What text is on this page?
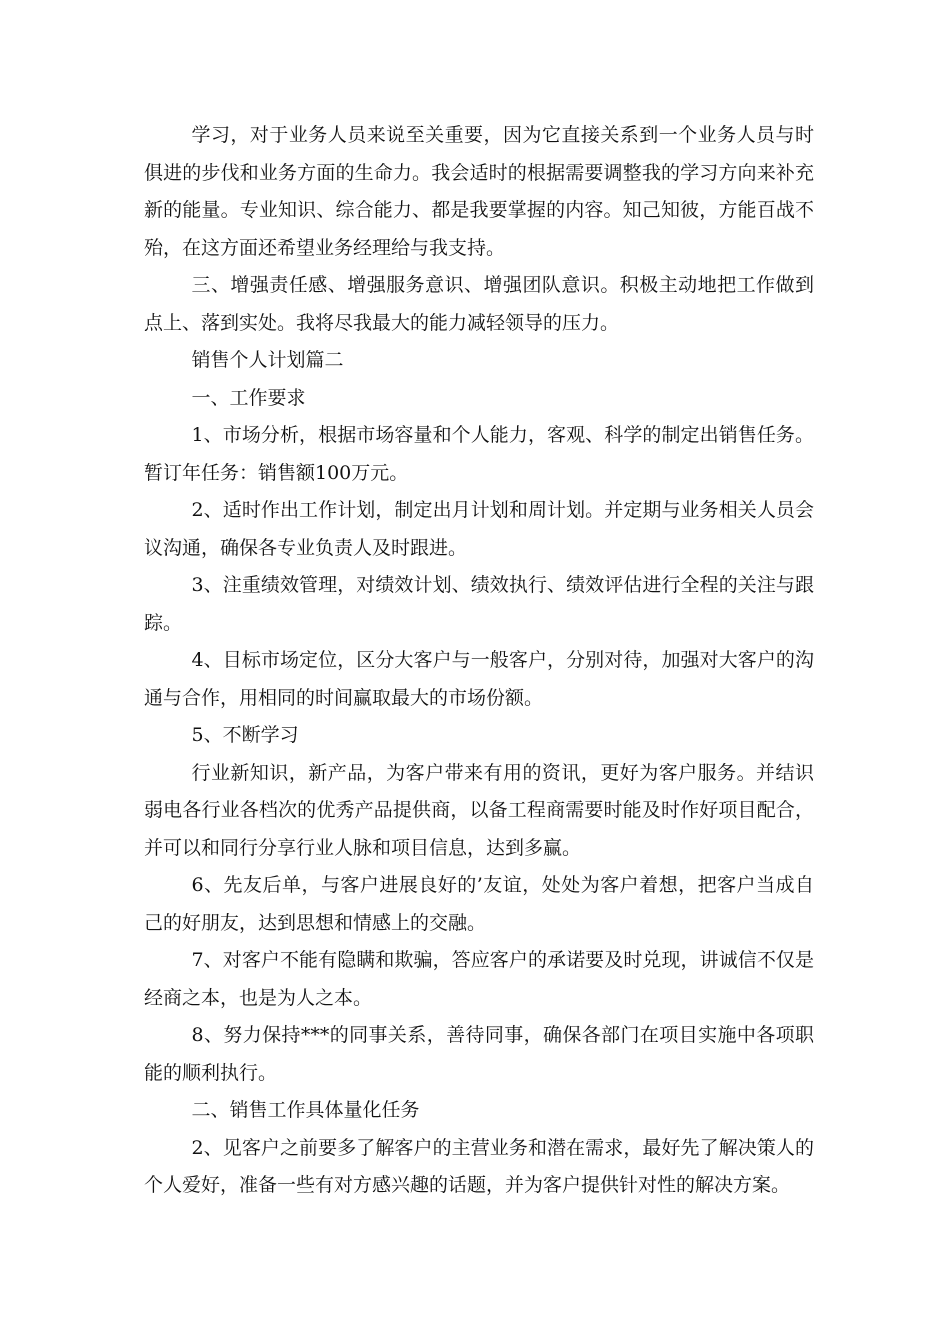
学习，对于业务人员来说至关重要，因为它直接关系到一个业务人员与时俱进的步伐和业务方面的生命力。我会适时的根据需要调整我的学习方向来补充新的能量。专业知识、综合能力、都是我要掌握的内容。知己知彼，方能百战不殆，在这方面还希望业务经理给与我支持。

三、增强责任感、增强服务意识、增强团队意识。积极主动地把工作做到点上、落到实处。我将尽我最大的能力减轻领导的压力。

销售个人计划篇二

一、工作要求

1、市场分析，根据市场容量和个人能力，客观、科学的制定出销售任务。暂订年任务：销售额100万元。

2、适时作出工作计划，制定出月计划和周计划。并定期与业务相关人员会议沟通，确保各专业负责人及时跟进。

3、注重绩效管理，对绩效计划、绩效执行、绩效评估进行全程的关注与跟踪。

4、目标市场定位，区分大客户与一般客户，分别对待，加强对大客户的沟通与合作，用相同的时间赢取最大的市场份额。

5、不断学习

行业新知识，新产品，为客户带来有用的资讯，更好为客户服务。并结识弱电各行业各档次的优秀产品提供商，以备工程商需要时能及时作好项目配合，并可以和同行分享行业人脉和项目信息，达到多赢。

6、先友后单，与客户进展良好的’友谊，处处为客户着想，把客户当成自己的好朋友，达到思想和情感上的交融。

7、对客户不能有隐瞒和欺骗，答应客户的承诺要及时兑现，讲诚信不仅是经商之本，也是为人之本。

8、努力保持***的同事关系，善待同事，确保各部门在项目实施中各项职能的顺利执行。

二、销售工作具体量化任务

2、见客户之前要多了解客户的主营业务和潜在需求，最好先了解决策人的个人爱好，准备一些有对方感兴趣的话题，并为客户提供针对性的解决方案。
